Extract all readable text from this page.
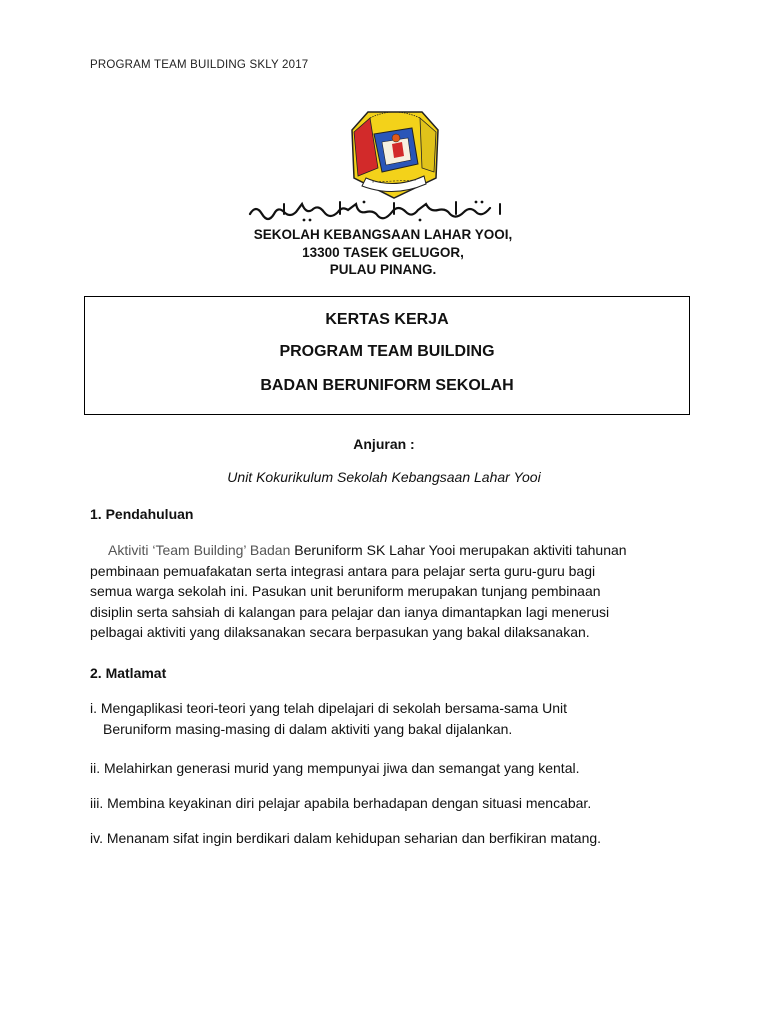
PROGRAM TEAM BUILDING SKLY 2017
SEKOLAH KEBANGSAAN LAHAR YOOI,
13300 TASEK GELUGOR,
PULAU PINANG.
KERTAS KERJA
PROGRAM TEAM BUILDING
BADAN BERUNIFORM SEKOLAH
Anjuran :
Unit Kokurikulum Sekolah Kebangsaan Lahar Yooi
1. Pendahuluan
Aktiviti ‘Team Building’ Badan Beruniform SK Lahar Yooi merupakan aktiviti tahunan
pembinaan pemuafakatan serta integrasi antara para pelajar serta guru-guru bagi
semua warga sekolah ini. Pasukan unit beruniform merupakan tunjang pembinaan
disiplin serta sahsiah di kalangan para pelajar dan ianya dimantapkan lagi menerusi
pelbagai aktiviti yang dilaksanakan secara berpasukan yang bakal dilaksanakan.
2. Matlamat
i. Mengaplikasi teori-teori yang telah dipelajari di sekolah bersama-sama Unit
Beruniform masing-masing di dalam aktiviti yang bakal dijalankan.
ii. Melahirkan generasi murid yang mempunyai jiwa dan semangat yang kental.
iii. Membina keyakinan diri pelajar apabila berhadapan dengan situasi mencabar.
iv. Menanam sifat ingin berdikari dalam kehidupan seharian dan berfikiran matang.
